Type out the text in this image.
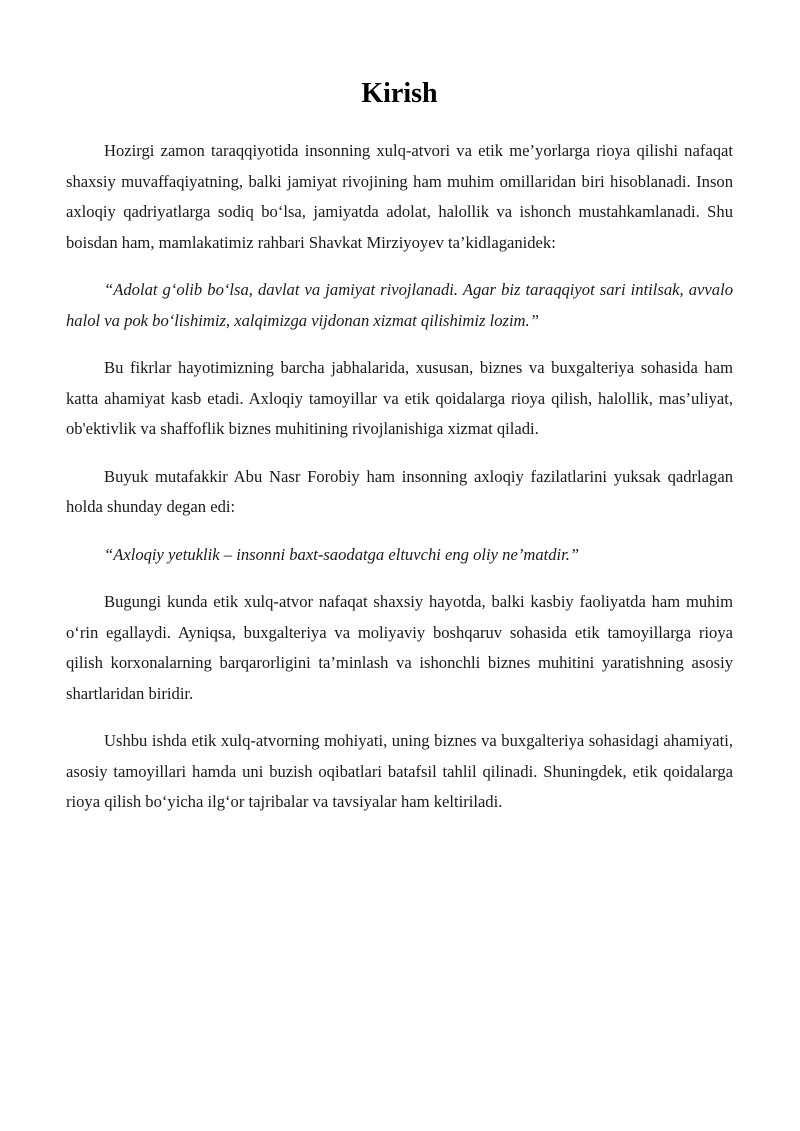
Kirish

Hozirgi zamon taraqqiyotida insonning xulq-atvori va etik me’yorlarga rioya qilishi nafaqat shaxsiy muvaffaqiyatning, balki jamiyat rivojining ham muhim omillaridan biri hisoblanadi. Inson axloqiy qadriyatlarga sodiq bo‘lsa, jamiyatda adolat, halollik va ishonch mustahkamlanadi. Shu boisdan ham, mamlakatimiz rahbari Shavkat Mirziyoyev ta’kidlaganidek:

“Adolat g‘olib bo‘lsa, davlat va jamiyat rivojlanadi. Agar biz taraqqiyot sari intilsak, avvalo halol va pok bo‘lishimiz, xalqimizga vijdonan xizmat qilishimiz lozim.”

Bu fikrlar hayotimizning barcha jabhalarida, xususan, biznes va buxgalteriya sohasida ham katta ahamiyat kasb etadi. Axloqiy tamoyillar va etik qoidalarga rioya qilish, halollik, mas’uliyat, ob'ektivlik va shaffoflik biznes muhitining rivojlanishiga xizmat qiladi.

Buyuk mutafakkir Abu Nasr Forobiy ham insonning axloqiy fazilatlarini yuksak qadrlagan holda shunday degan edi:

“Axloqiy yetuklik – insonni baxt-saodatga eltuvchi eng oliy ne’matdir.”

Bugungi kunda etik xulq-atvor nafaqat shaxsiy hayotda, balki kasbiy faoliyatda ham muhim o‘rin egallaydi. Ayniqsa, buxgalteriya va moliyaviy boshqaruv sohasida etik tamoyillarga rioya qilish korxonalarning barqarorligini ta’minlash va ishonchli biznes muhitini yaratishning asosiy shartlaridan biridir.

Ushbu ishda etik xulq-atvorning mohiyati, uning biznes va buxgalteriya sohasidagi ahamiyati, asosiy tamoyillari hamda uni buzish oqibatlari batafsil tahlil qilinadi. Shuningdek, etik qoidalarga rioya qilish bo‘yicha ilg‘or tajribalar va tavsiyalar ham keltiriladi.
